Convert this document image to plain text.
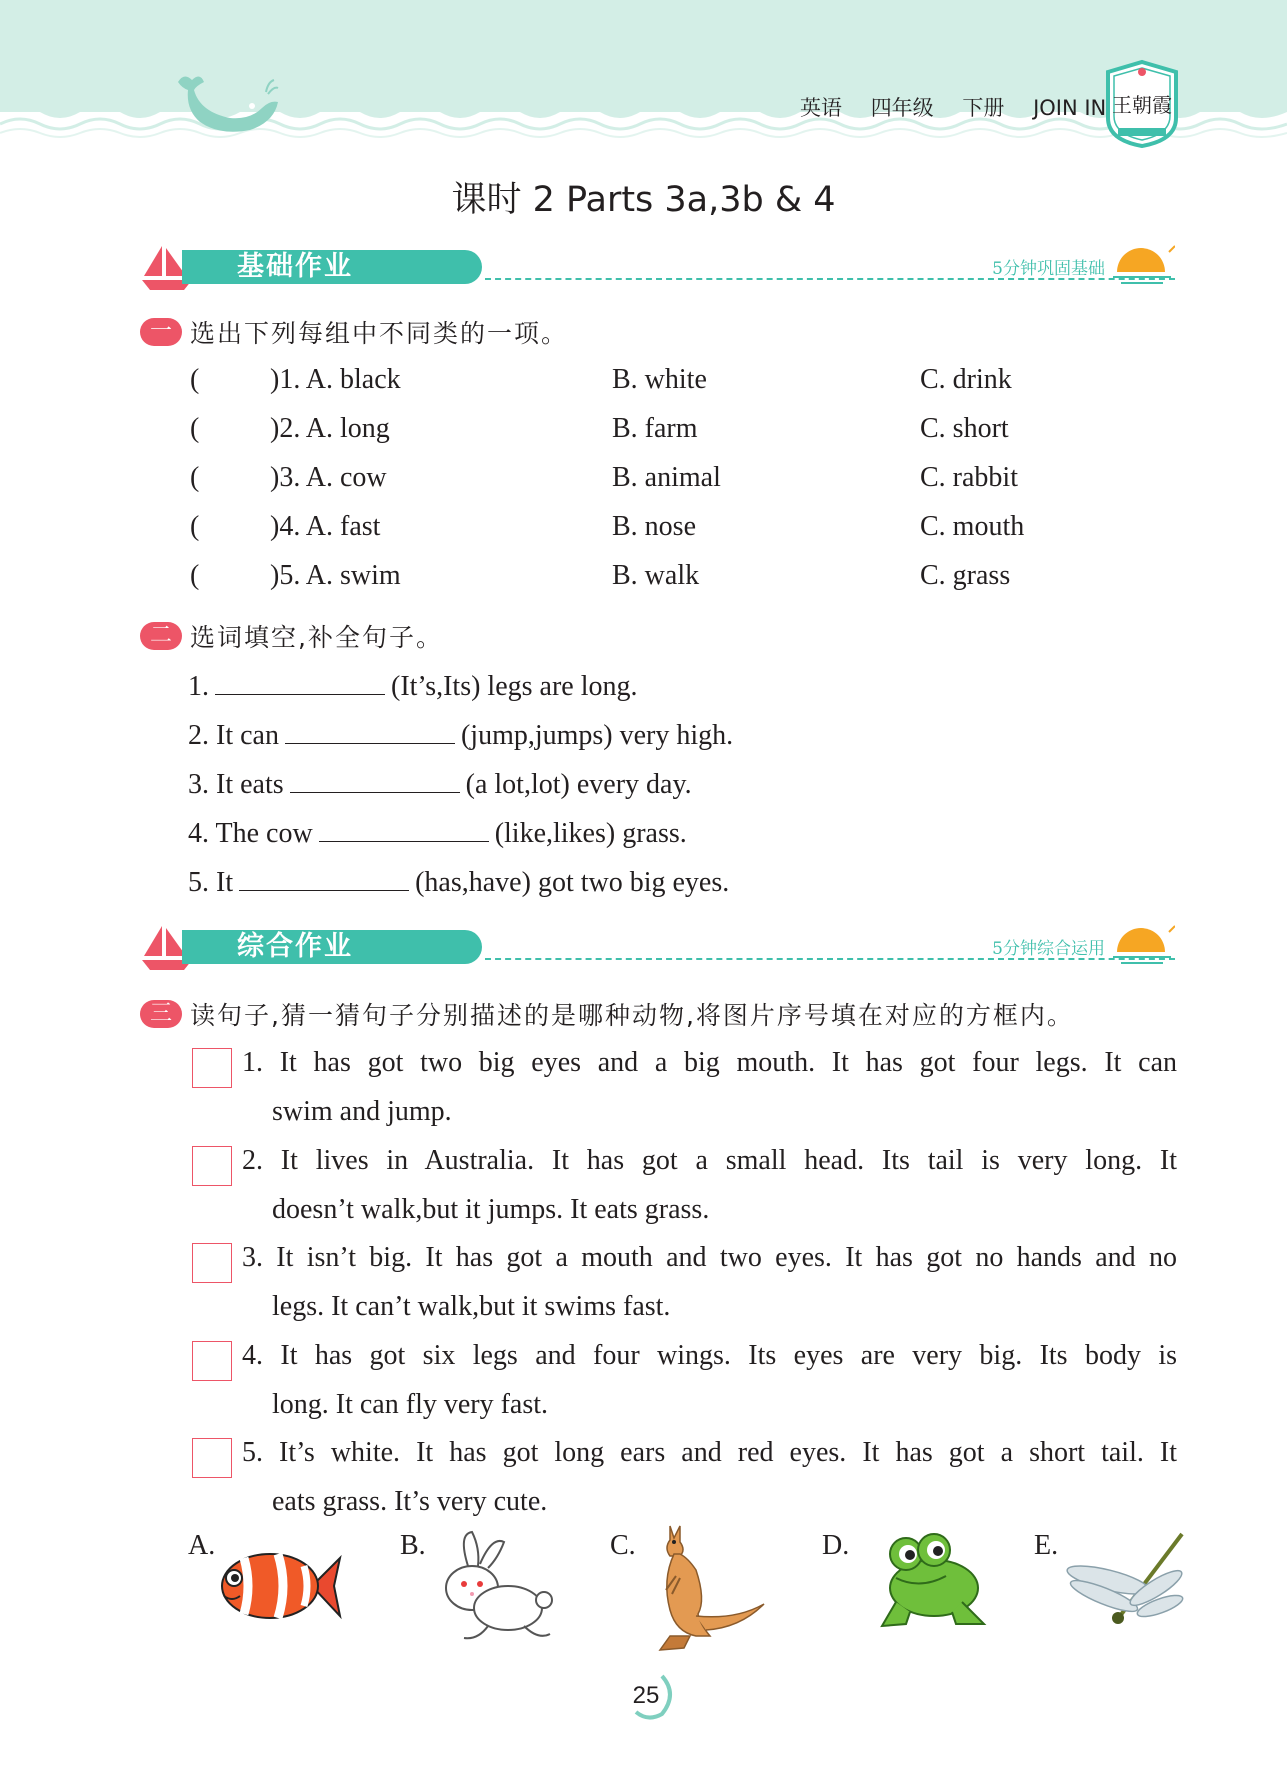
英语 四年级 下册 JOIN IN 王朝霞
课时 2 Parts 3a,3b & 4
基础作业	5分钟巩固基础
一 选出下列每组中不同类的一项。
(	)1. A. black	B. white	C. drink
(	)2. A. long	B. farm	C. short
(	)3. A. cow	B. animal	C. rabbit
(	)4. A. fast	B. nose	C. mouth
(	)5. A. swim	B. walk	C. grass
二 选词填空,补全句子。
1.	(It’s,Its) legs are long.
2. It can	(jump,jumps) very high.
3. It eats	(a lot,lot) every day.
4. The cow	(like,likes) grass.
5. It	(has,have) got two big eyes.
综合作业	5分钟综合运用
三 读句子,猜一猜句子分别描述的是哪种动物,将图片序号填在对应的方框内。
1. It has got two big eyes and a big mouth. It has got four legs. It can
swim and jump.
2. It lives in Australia. It has got a small head. Its tail is very long. It
doesn’t walk,but it jumps. It eats grass.
3. It isn’t big. It has got a mouth and two eyes. It has got no hands and no
legs. It can’t walk,but it swims fast.
4. It has got six legs and four wings. Its eyes are very big. Its body is
long. It can fly very fast.
5. It’s white. It has got long ears and red eyes. It has got a short tail. It
eats grass. It’s very cute.
A.	B.	C.	D.	E.
25
